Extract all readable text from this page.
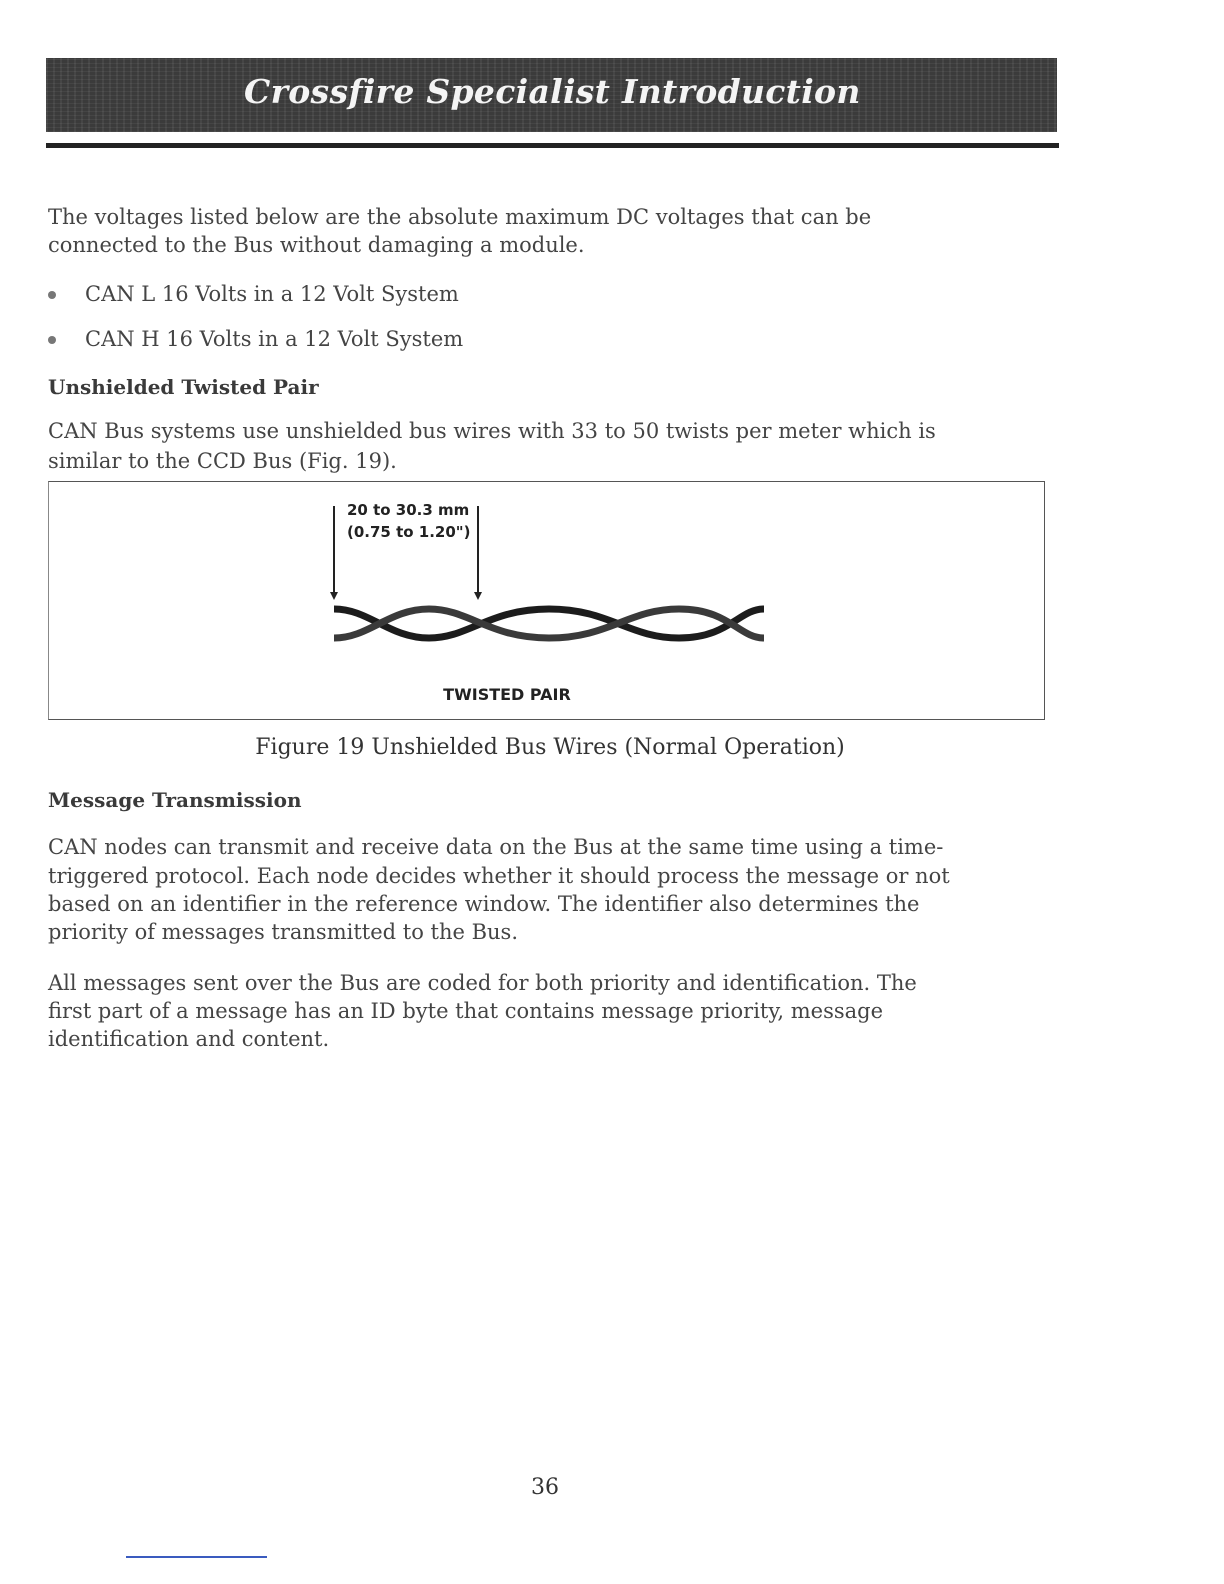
Crossfire Specialist Introduction
The voltages listed below are the absolute maximum DC voltages that can be
connected to the Bus without damaging a module.
CAN L 16 Volts in a 12 Volt System
CAN H 16 Volts in a 12 Volt System
Unshielded Twisted Pair
CAN Bus systems use unshielded bus wires with 33 to 50 twists per meter which is
similar to the CCD Bus (Fig. 19).
20 to 30.3 mm
(0.75 to 1.20")
TWISTED PAIR
Figure 19 Unshielded Bus Wires (Normal Operation)
Message Transmission
CAN nodes can transmit and receive data on the Bus at the same time using a time-
triggered protocol. Each node decides whether it should process the message or not
based on an identifier in the reference window. The identifier also determines the
priority of messages transmitted to the Bus.
All messages sent over the Bus are coded for both priority and identification. The
first part of a message has an ID byte that contains message priority, message
identification and content.
36
